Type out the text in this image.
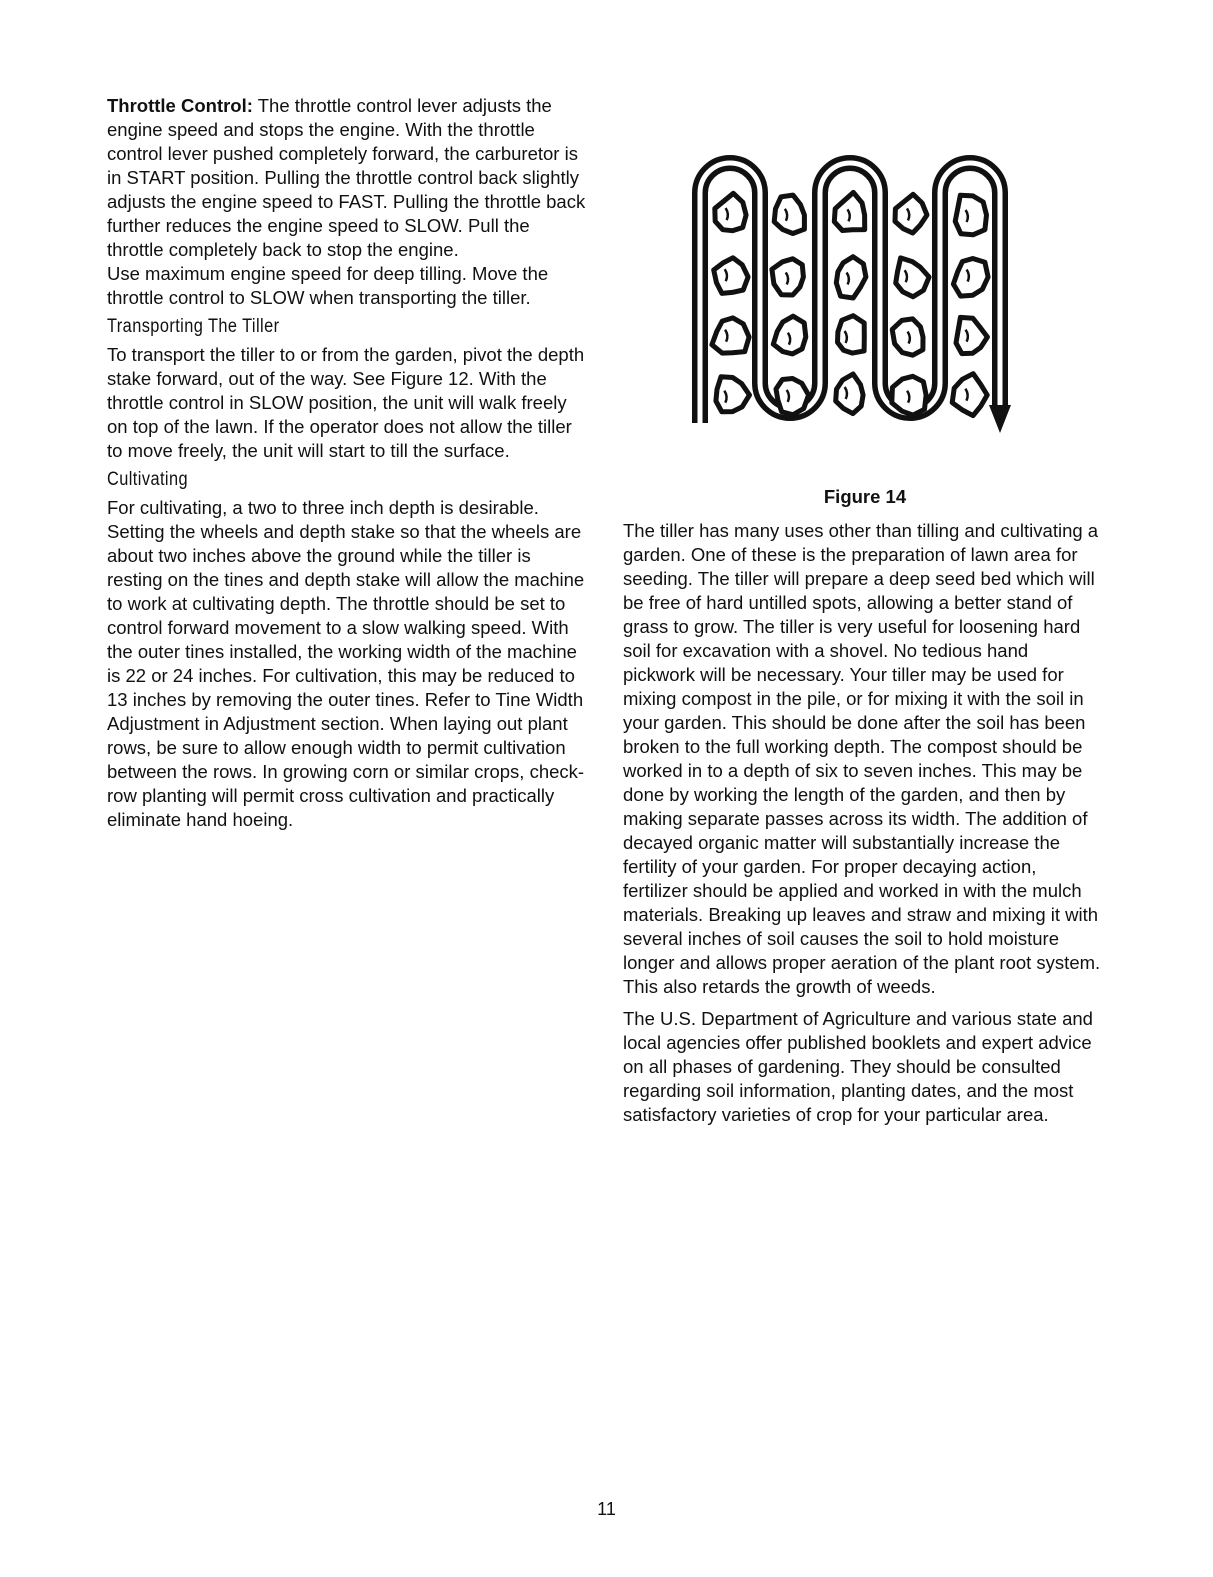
Throttle Control: The throttle control lever adjusts the engine speed and stops the engine. With the throttle control lever pushed completely forward, the carburetor is in START position. Pulling the throttle control back slightly adjusts the engine speed to FAST. Pulling the throttle back further reduces the engine speed to SLOW. Pull the throttle completely back to stop the engine.

Use maximum engine speed for deep tilling. Move the throttle control to SLOW when transporting the tiller.

Transporting The Tiller

To transport the tiller to or from the garden, pivot the depth stake forward, out of the way. See Figure 12. With the throttle control in SLOW position, the unit will walk freely on top of the lawn. If the operator does not allow the tiller to move freely, the unit will start to till the surface.

Cultivating

For cultivating, a two to three inch depth is desirable. Setting the wheels and depth stake so that the wheels are about two inches above the ground while the tiller is resting on the tines and depth stake will allow the machine to work at cultivating depth. The throttle should be set to control forward movement to a slow walking speed. With the outer tines installed, the working width of the machine is 22 or 24 inches. For cultivation, this may be reduced to 13 inches by removing the outer tines. Refer to Tine Width Adjustment in Adjustment section. When laying out plant rows, be sure to allow enough width to permit cultivation between the rows. In growing corn or similar crops, check-row planting will permit cross cultivation and practically eliminate hand hoeing.

Figure 14

The tiller has many uses other than tilling and cultivating a garden. One of these is the preparation of lawn area for seeding. The tiller will prepare a deep seed bed which will be free of hard untilled spots, allowing a better stand of grass to grow. The tiller is very useful for loosening hard soil for excavation with a shovel. No tedious hand pickwork will be necessary. Your tiller may be used for mixing compost in the pile, or for mixing it with the soil in your garden. This should be done after the soil has been broken to the full working depth. The compost should be worked in to a depth of six to seven inches. This may be done by working the length of the garden, and then by making separate passes across its width. The addition of decayed organic matter will substantially increase the fertility of your garden. For proper decaying action, fertilizer should be applied and worked in with the mulch materials. Breaking up leaves and straw and mixing it with several inches of soil causes the soil to hold moisture longer and allows proper aeration of the plant root system. This also retards the growth of weeds.

The U.S. Department of Agriculture and various state and local agencies offer published booklets and expert advice on all phases of gardening. They should be consulted regarding soil information, planting dates, and the most satisfactory varieties of crop for your particular area.

11
